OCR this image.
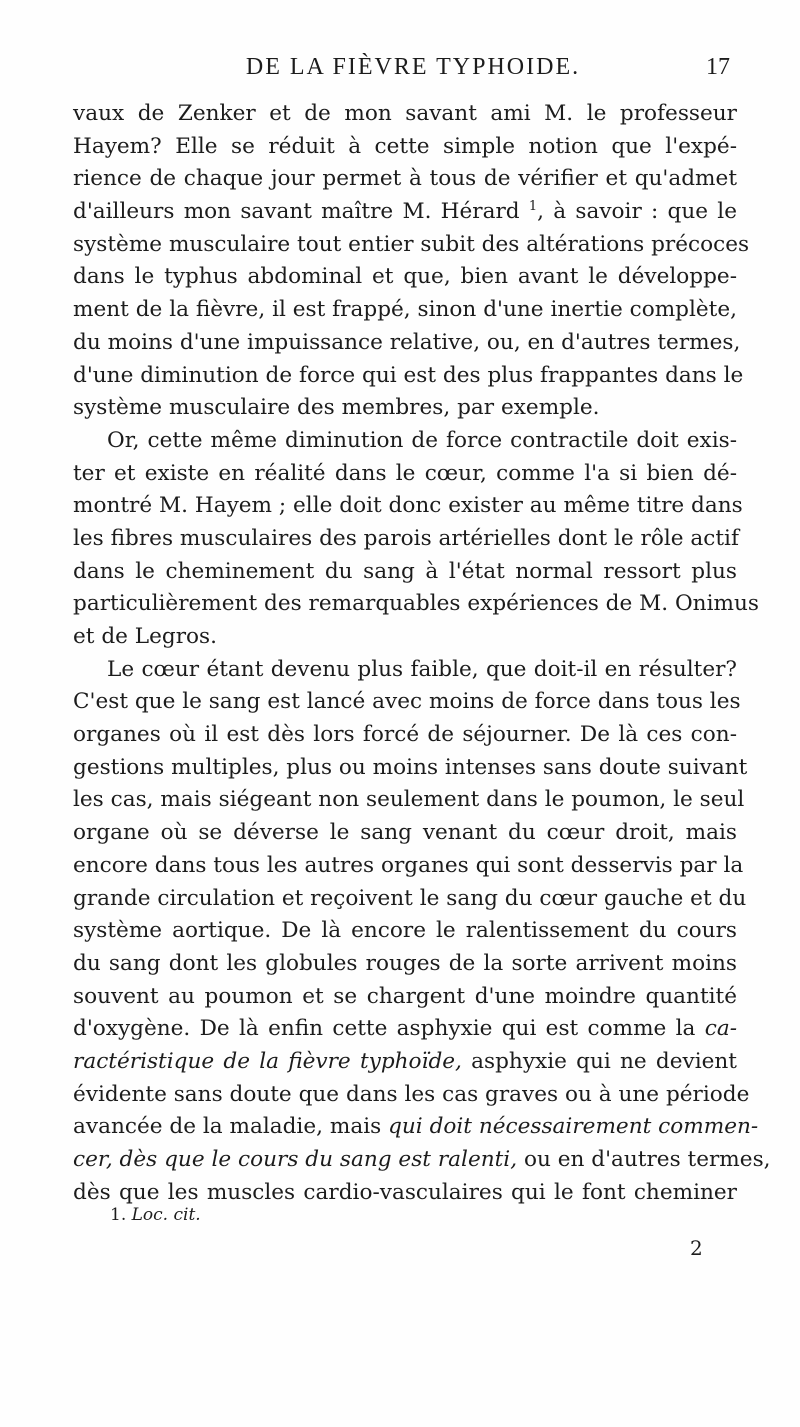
DE LA FIÈVRE TYPHOIDE.	17
vaux de Zenker et de mon savant ami M. le professeur
Hayem? Elle se réduit à cette simple notion que l'expé-
rience de chaque jour permet à tous de vérifier et qu'admet
d'ailleurs mon savant maître M. Hérard $^1$, à savoir : que le
système musculaire tout entier subit des altérations précoces
dans le typhus abdominal et que, bien avant le développe-
ment de la fièvre, il est frappé, sinon d'une inertie complète,
du moins d'une impuissance relative, ou, en d'autres termes,
d'une diminution de force qui est des plus frappantes dans le
système musculaire des membres, par exemple.
Or, cette même diminution de force contractile doit exis-
ter et existe en réalité dans le cœur, comme l'a si bien dé-
montré M. Hayem ; elle doit donc exister au même titre dans
les fibres musculaires des parois artérielles dont le rôle actif
dans le cheminement du sang à l'état normal ressort plus
particulièrement des remarquables expériences de M. Onimus
et de Legros.
Le cœur étant devenu plus faible, que doit-il en résulter?
C'est que le sang est lancé avec moins de force dans tous les
organes où il est dès lors forcé de séjourner. De là ces con-
gestions multiples, plus ou moins intenses sans doute suivant
les cas, mais siégeant non seulement dans le poumon, le seul
organe où se déverse le sang venant du cœur droit, mais
encore dans tous les autres organes qui sont desservis par la
grande circulation et reçoivent le sang du cœur gauche et du
système aortique. De là encore le ralentissement du cours
du sang dont les globules rouges de la sorte arrivent moins
souvent au poumon et se chargent d'une moindre quantité
d'oxygène. De là enfin cette asphyxie qui est comme la ca-
ractéristique de la fièvre typhoïde, asphyxie qui ne devient
évidente sans doute que dans les cas graves ou à une période
avancée de la maladie, mais qui doit nécessairement commen-
cer, dès que le cours du sang est ralenti, ou en d'autres termes,
dès que les muscles cardio-vasculaires qui le font cheminer
1. Loc. cit.
2
